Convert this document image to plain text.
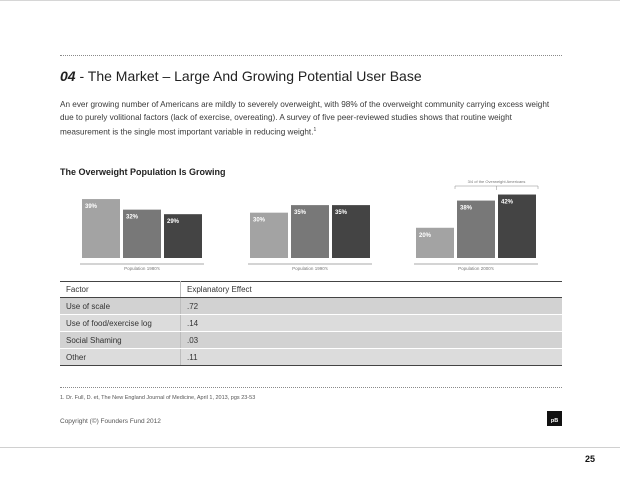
04 - The Market – Large And Growing Potential User Base
An ever growing number of Americans are mildly to severely overweight, with 98% of the overweight community carrying excess weight due to purely volitional factors (lack of exercise, overeating). A survey of five peer-reviewed studies shows that routine weight measurement is the single most important variable in reducing weight.$^1$
The Overweight Population Is Growing
39%
Normal/Underweight
32%
Overweight
29%
Obese
Population 1980's
30%
Normal/Underweight
35%
Overweight
35%
Obese
Population 1990's
20%
Normal/Underweight
38%
Overweight
42%
Obese
Population 2000's
3/4 of the Overweight Americans
Factor	Explanatory Effect
Use of scale	.72
Use of food/exercise log	.14
Social Shaming	.03
Other	.11
1. Dr. Full, D. et, The New England Journal of Medicine, April 1, 2013, pgs 23-53
Copyright (©) Founders Fund 2012	pB
25
